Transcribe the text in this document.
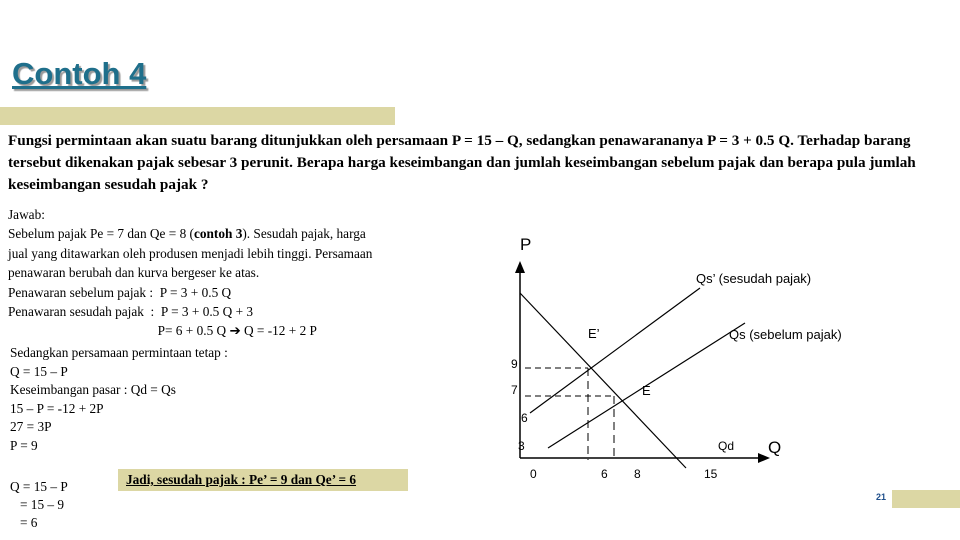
Contoh 4
Fungsi permintaan akan suatu barang ditunjukkan oleh persamaan P = 15 – Q, sedangkan penawarananya P = 3 + 0.5 Q. Terhadap barang tersebut dikenakan pajak sebesar 3 perunit. Berapa harga keseimbangan dan jumlah keseimbangan sebelum pajak dan berapa pula jumlah keseimbangan sesudah pajak ?
Jawab:
Sebelum pajak Pe = 7 dan Qe = 8 (contoh 3). Sesudah pajak, harga
jual yang ditawarkan oleh produsen menjadi lebih tinggi. Persamaan
penawaran berubah dan kurva bergeser ke atas.
Penawaran sebelum pajak :  P = 3 + 0.5 Q
Penawaran sesudah pajak  :  P = 3 + 0.5 Q + 3
P= 6 + 0.5 Q ➔ Q = -12 + 2 P
Sedangkan persamaan permintaan tetap :
Q = 15 – P
Keseimbangan pasar : Qd = Qs
15 – P = -12 + 2P
27 = 3P
P = 9
Q = 15 – P
= 15 – 9
= 6
Jadi, sesudah pajak : Pe’ = 9 dan Qe’ = 6
21
P
Q
Qs’ (sesudah pajak)
Qs (sebelum pajak)
Qd
E’
E
9
7
6
3
0	6 8	15
